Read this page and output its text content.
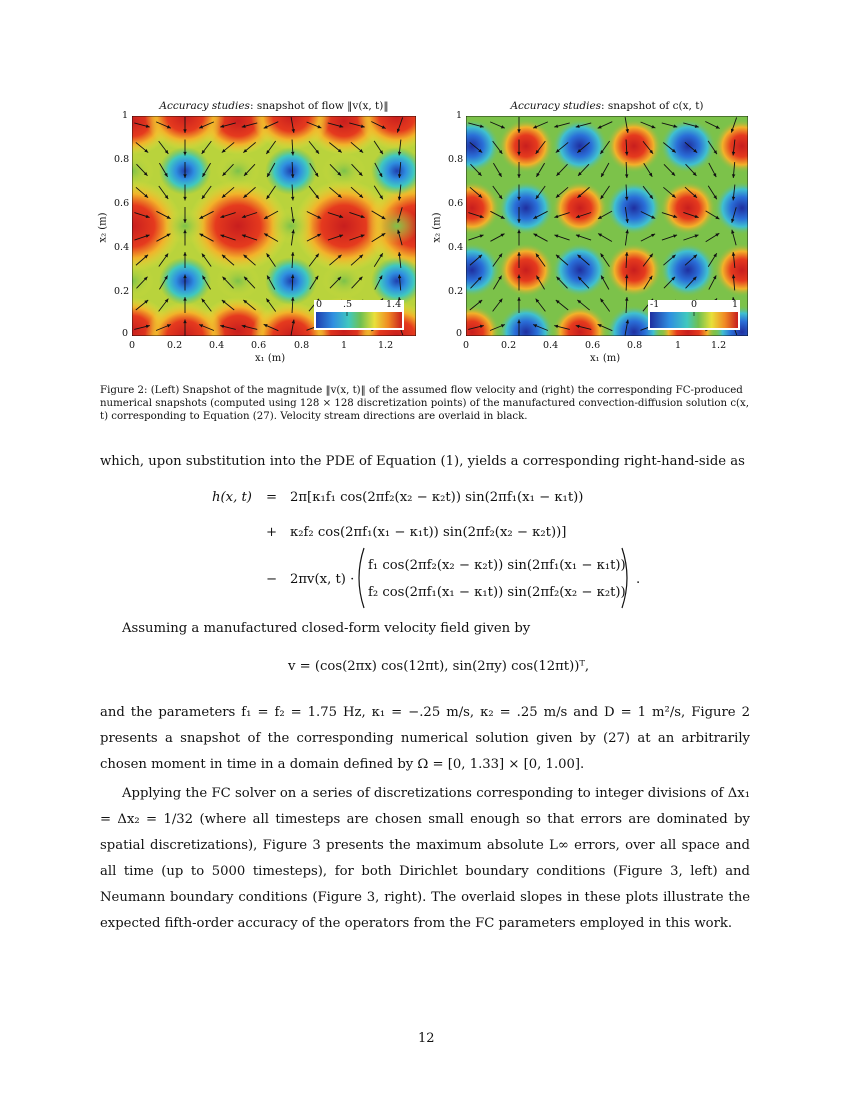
Accuracy studies: snapshot of flow ‖v(x, t)‖
0 .5	1.4
0	0.2	0.4	0.6	0.8	1	1.2
0
0.2
0.4
0.6
0.8
1
x₁ (m)
x₂ (m)
Accuracy studies: snapshot of c(x, t)
-1	0	1
0	0.2	0.4	0.6	0.8	1	1.2
0
0.2
0.4
0.6
0.8
1
x₁ (m)
x₂ (m)
Figure 2: (Left) Snapshot of the magnitude ‖v(x, t)‖ of the assumed flow velocity and (right) the corresponding FC-produced numerical snapshots (computed using 128 × 128 discretization points) of the manufactured convection-diffusion solution c(x, t) corresponding to Equation (27). Velocity stream directions are overlaid in black.
which, upon substitution into the PDE of Equation (1), yields a corresponding right-hand-side as
h(x, t) = 2π[κ₁f₁ cos(2πf₂(x₂ − κ₂t)) sin(2πf₁(x₁ − κ₁t))
+ κ₂f₂ cos(2πf₁(x₁ − κ₁t)) sin(2πf₂(x₂ − κ₂t))]
− 2πv(x, t) ·
f₁ cos(2πf₂(x₂ − κ₂t)) sin(2πf₁(x₁ − κ₁t))
f₂ cos(2πf₁(x₁ − κ₁t)) sin(2πf₂(x₂ − κ₂t))
.
Assuming a manufactured closed-form velocity field given by
v = (cos(2πx) cos(12πt), sin(2πy) cos(12πt))ᵀ,
and the parameters f₁ = f₂ = 1.75 Hz, κ₁ = −.25 m/s, κ₂ = .25 m/s and D = 1 m²/s, Figure 2 presents a snapshot of the corresponding numerical solution given by (27) at an arbitrarily chosen moment in time in a domain defined by Ω = [0, 1.33] × [0, 1.00].
Applying the FC solver on a series of discretizations corresponding to integer divisions of Δx₁ = Δx₂ = 1/32 (where all timesteps are chosen small enough so that errors are dominated by spatial discretizations), Figure 3 presents the maximum absolute L∞ errors, over all space and all time (up to 5000 timesteps), for both Dirichlet boundary conditions (Figure 3, left) and Neumann boundary conditions (Figure 3, right). The overlaid slopes in these plots illustrate the expected fifth-order accuracy of the operators from the FC parameters employed in this work.
12
